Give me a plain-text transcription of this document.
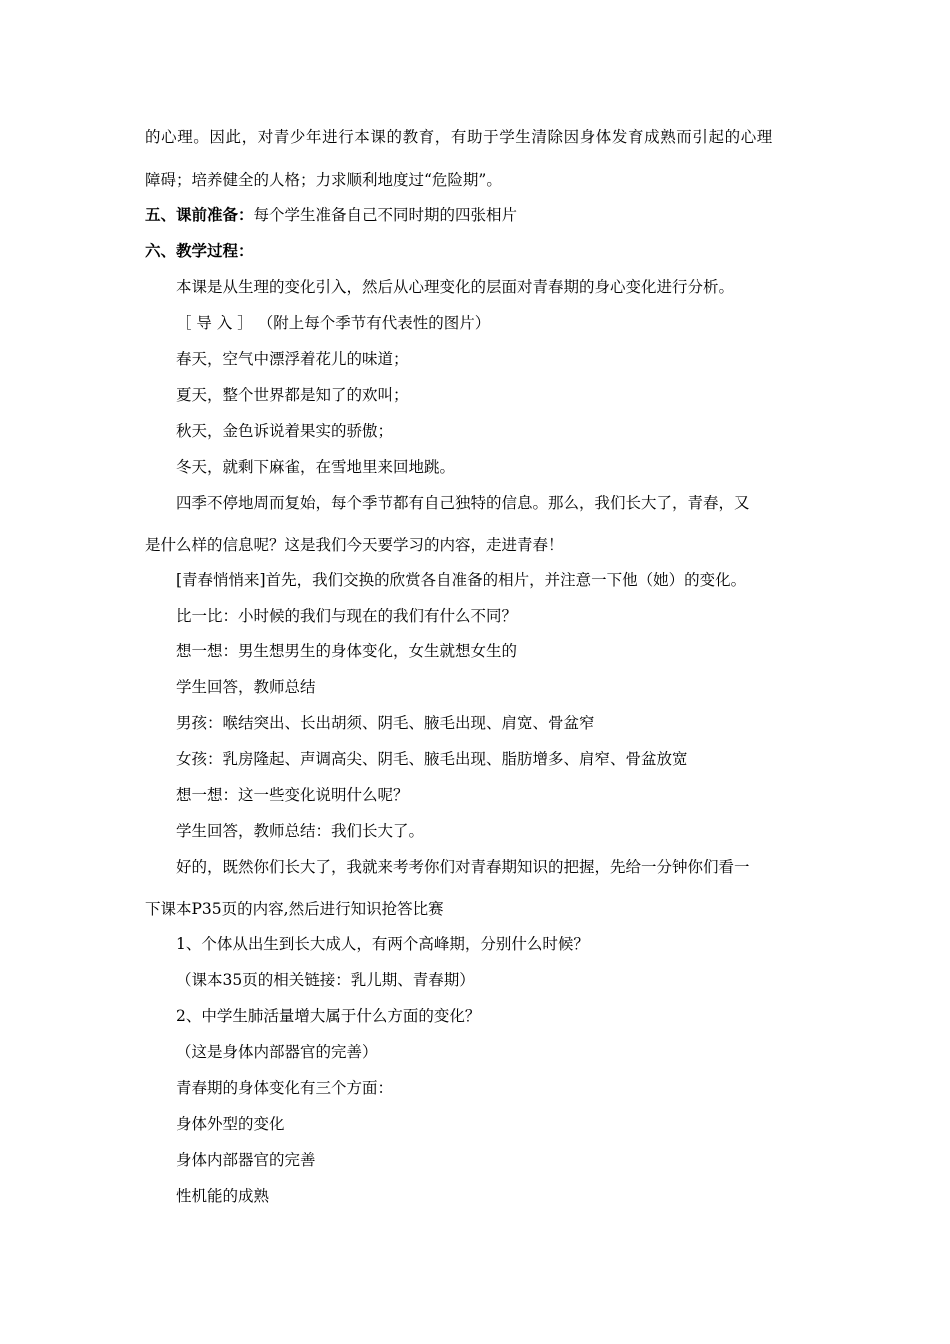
的心理。因此，对青少年进行本课的教育，有助于学生清除因身体发育成熟而引起的心理
障碍；培养健全的人格；力求顺利地度过“危险期”。
五、课前准备：每个学生准备自己不同时期的四张相片
六、教学过程：
本课是从生理的变化引入，然后从心理变化的层面对青春期的身心变化进行分析。
［ 导 入 ］ （附上每个季节有代表性的图片）
春天，空气中漂浮着花儿的味道；
夏天，整个世界都是知了的欢叫；
秋天，金色诉说着果实的骄傲；
冬天，就剩下麻雀，在雪地里来回地跳。
四季不停地周而复始，每个季节都有自己独特的信息。那么，我们长大了，青春，又
是什么样的信息呢？这是我们今天要学习的内容，走进青春！
[青春悄悄来]首先，我们交换的欣赏各自准备的相片，并注意一下他（她）的变化。
比一比：小时候的我们与现在的我们有什么不同？
想一想：男生想男生的身体变化，女生就想女生的
学生回答，教师总结
男孩：喉结突出、长出胡须、阴毛、腋毛出现、肩宽、骨盆窄
女孩：乳房隆起、声调高尖、阴毛、腋毛出现、脂肪增多、肩窄、骨盆放宽
想一想：这一些变化说明什么呢？
学生回答，教师总结：我们长大了。
好的，既然你们长大了，我就来考考你们对青春期知识的把握，先给一分钟你们看一
下课本P35页的内容,然后进行知识抢答比赛
1、个体从出生到长大成人，有两个高峰期，分别什么时候？
（课本35页的相关链接：乳儿期、青春期）
2、中学生肺活量增大属于什么方面的变化？
（这是身体内部器官的完善）
青春期的身体变化有三个方面：
身体外型的变化
身体内部器官的完善
性机能的成熟
